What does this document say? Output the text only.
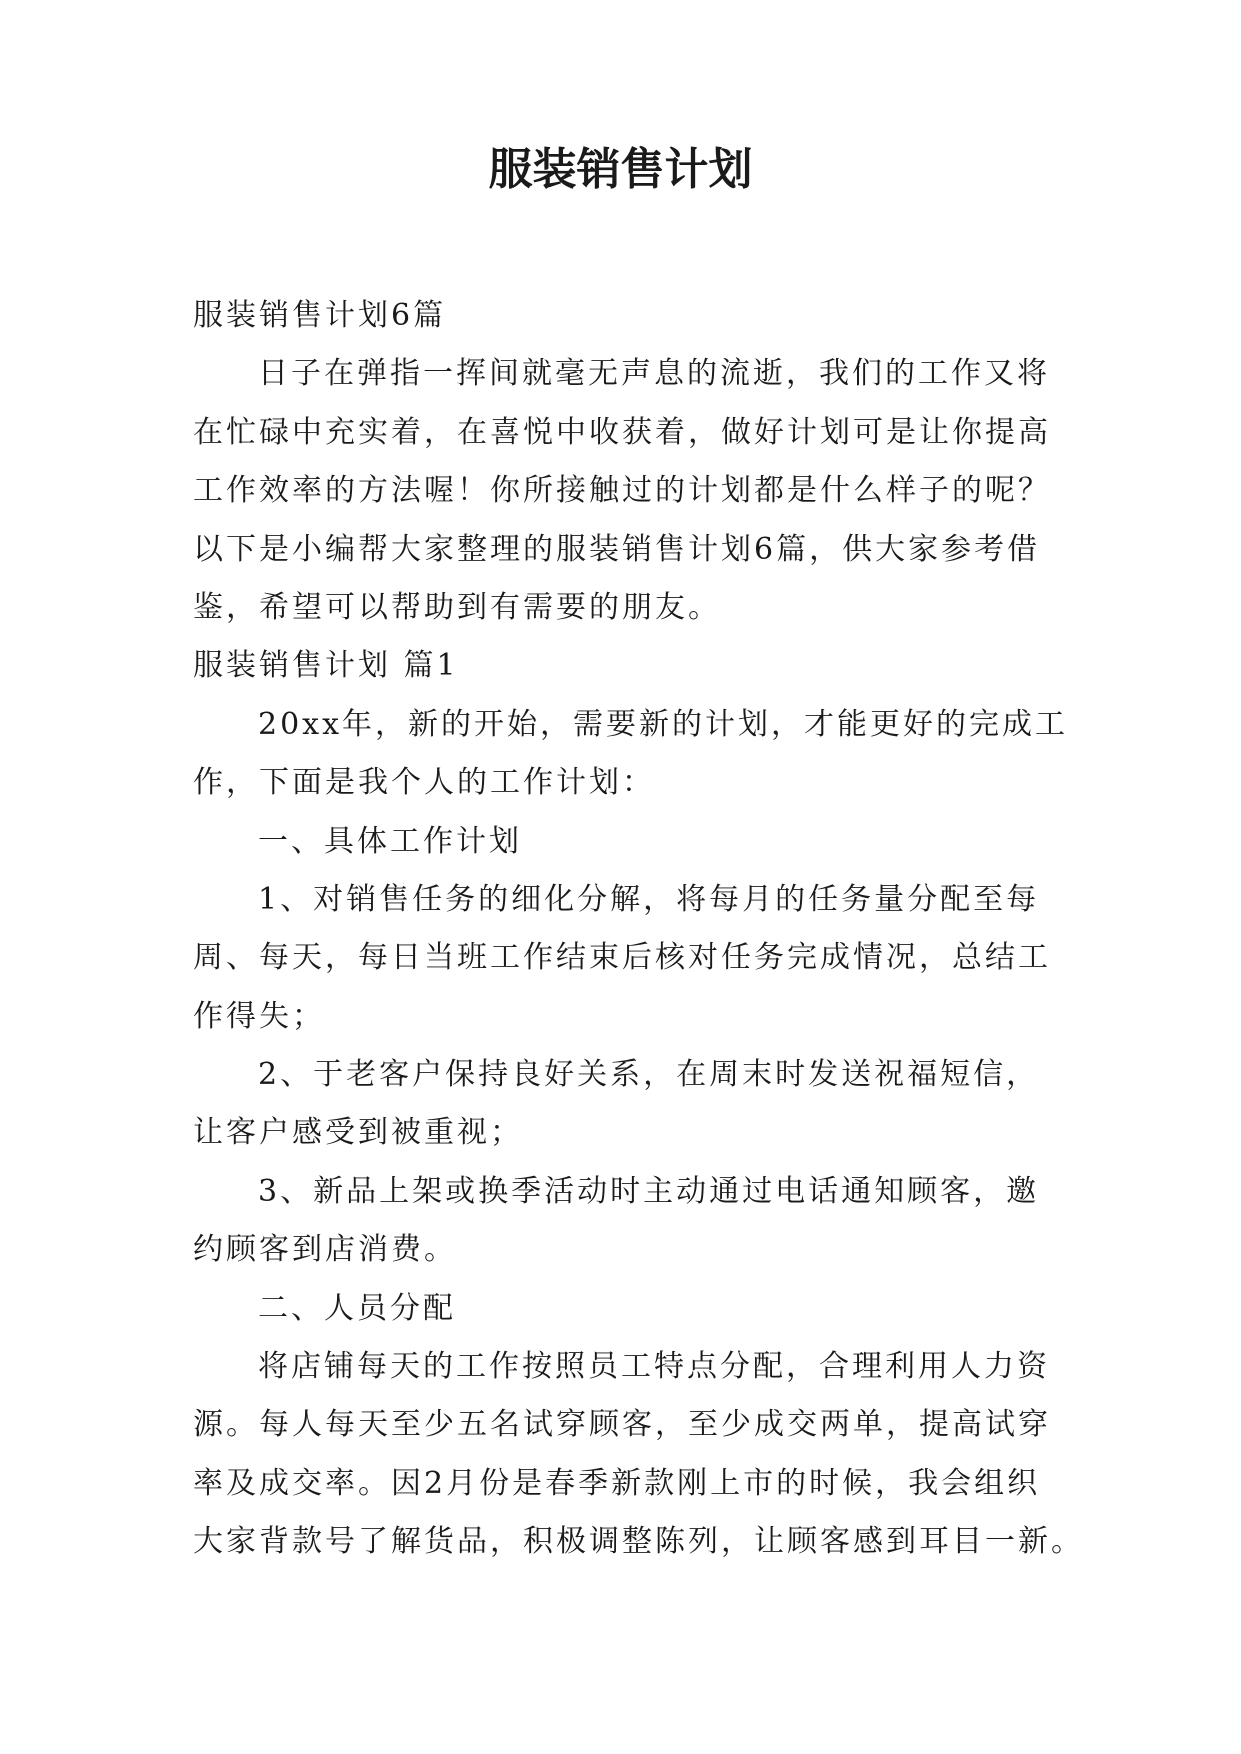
服装销售计划

服装销售计划6篇

日子在弹指一挥间就毫无声息的流逝，我们的工作又将

在忙碌中充实着，在喜悦中收获着，做好计划可是让你提高

工作效率的方法喔！你所接触过的计划都是什么样子的呢？

以下是小编帮大家整理的服装销售计划6篇，供大家参考借

鉴，希望可以帮助到有需要的朋友。

服装销售计划 篇1

20xx年，新的开始，需要新的计划，才能更好的完成工

作，下面是我个人的工作计划：

一、具体工作计划

1、对销售任务的细化分解，将每月的任务量分配至每

周、每天，每日当班工作结束后核对任务完成情况，总结工

作得失；

2、于老客户保持良好关系，在周末时发送祝福短信，

让客户感受到被重视；

3、新品上架或换季活动时主动通过电话通知顾客，邀

约顾客到店消费。

二、人员分配

将店铺每天的工作按照员工特点分配，合理利用人力资

源。每人每天至少五名试穿顾客，至少成交两单，提高试穿

率及成交率。因2月份是春季新款刚上市的时候，我会组织

大家背款号了解货品，积极调整陈列，让顾客感到耳目一新。
